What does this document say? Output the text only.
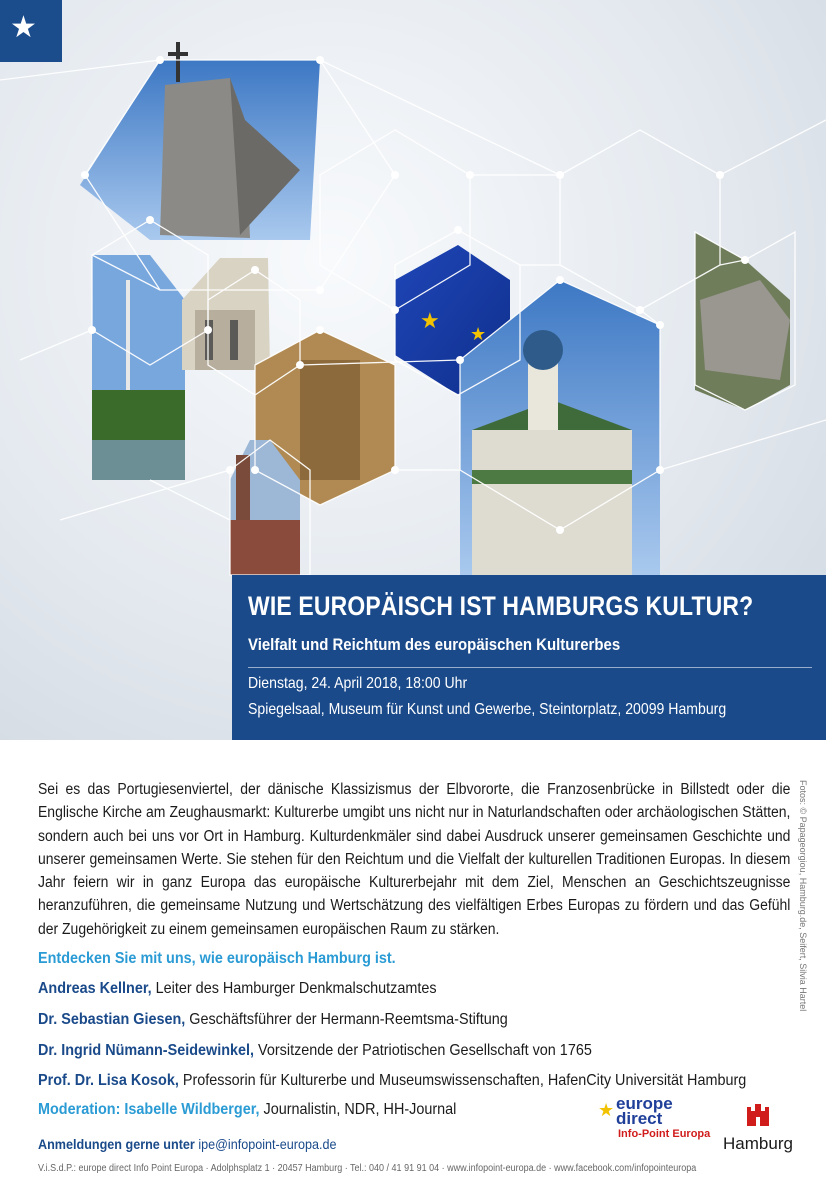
★
★
★
WIE EUROPÄISCH IST HAMBURGS KULTUR?
Vielfalt und Reichtum des europäischen Kulturerbes
Dienstag, 24. April 2018, 18:00 Uhr
Spiegelsaal, Museum für Kunst und Gewerbe, Steintorplatz, 20099 Hamburg
Sei es das Portugiesenviertel, der dänische Klassizismus der Elbvororte, die Franzosenbrücke in Billstedt oder die Englische Kirche am Zeughausmarkt: Kulturerbe umgibt uns nicht nur in Naturlandschaften oder archäologischen Stätten, sondern auch bei uns vor Ort in Hamburg. Kulturdenkmäler sind dabei Ausdruck unserer gemeinsamen Geschichte und unserer gemeinsamen Werte. Sie stehen für den Reichtum und die Vielfalt der kulturellen Traditionen Europas. In diesem Jahr feiern wir in ganz Europa das europäische Kulturerbejahr mit dem Ziel, Menschen an Geschichtszeugnisse heranzuführen, die gemeinsame Nutzung und Wertschätzung des vielfältigen Erbes Europas zu fördern und das Gefühl der Zugehörigkeit zu einem gemeinsamen europäischen Raum zu stärken.
Entdecken Sie mit uns, wie europäisch Hamburg ist.
Andreas Kellner, Leiter des Hamburger Denkmalschutzamtes
Dr. Sebastian Giesen, Geschäftsführer der Hermann-Reemtsma-Stiftung
Dr. Ingrid Nümann-Seidewinkel, Vorsitzende der Patriotischen Gesellschaft von 1765
Prof. Dr. Lisa Kosok, Professorin für Kulturerbe und Museumswissenschaften, HafenCity Universität Hamburg
Moderation: Isabelle Wildberger, Journalistin, NDR, HH-Journal
Anmeldungen gerne unter ipe@infopoint-europa.de
V.i.S.d.P.: europe direct Info Point Europa · Adolphsplatz 1 · 20457 Hamburg · Tel.: 040 / 41 91 91 04 · www.infopoint-europa.de · www.facebook.com/infopointeuropa
Fotos: © Papageorgiou, Hamburg.de, Seifert, Silvia Hartel
★ europe
direct
Info-Point Europa Hamburg
